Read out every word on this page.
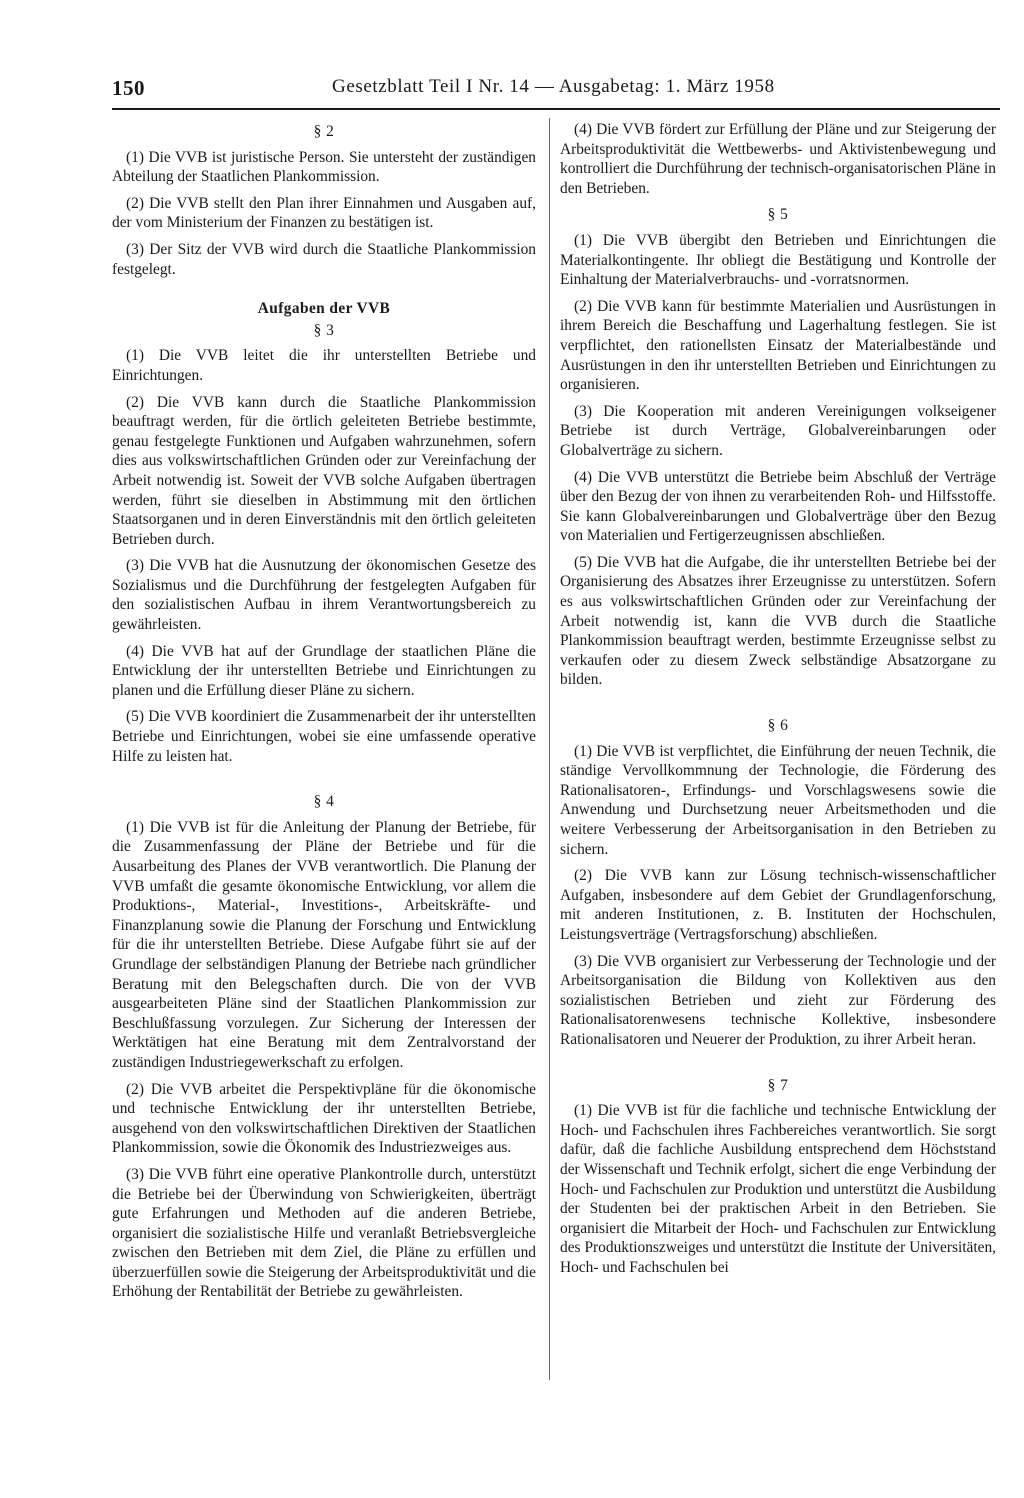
150	Gesetzblatt Teil I Nr. 14 — Ausgabetag: 1. März 1958
§ 2

(1) Die VVB ist juristische Person. Sie untersteht der zuständigen Abteilung der Staatlichen Plankommission.

(2) Die VVB stellt den Plan ihrer Einnahmen und Ausgaben auf, der vom Ministerium der Finanzen zu bestätigen ist.

(3) Der Sitz der VVB wird durch die Staatliche Plankommission festgelegt.

Aufgaben der VVB
§ 3

(1) Die VVB leitet die ihr unterstellten Betriebe und Einrichtungen.

(2) Die VVB kann durch die Staatliche Plankommission beauftragt werden, für die örtlich geleiteten Betriebe bestimmte, genau festgelegte Funktionen und Aufgaben wahrzunehmen, sofern dies aus volkswirtschaftlichen Gründen oder zur Vereinfachung der Arbeit notwendig ist. Soweit der VVB solche Aufgaben übertragen werden, führt sie dieselben in Abstimmung mit den örtlichen Staatsorganen und in deren Einverständnis mit den örtlich geleiteten Betrieben durch.

(3) Die VVB hat die Ausnutzung der ökonomischen Gesetze des Sozialismus und die Durchführung der festgelegten Aufgaben für den sozialistischen Aufbau in ihrem Verantwortungsbereich zu gewährleisten.

(4) Die VVB hat auf der Grundlage der staatlichen Pläne die Entwicklung der ihr unterstellten Betriebe und Einrichtungen zu planen und die Erfüllung dieser Pläne zu sichern.

(5) Die VVB koordiniert die Zusammenarbeit der ihr unterstellten Betriebe und Einrichtungen, wobei sie eine umfassende operative Hilfe zu leisten hat.

§ 4

(1) Die VVB ist für die Anleitung der Planung der Betriebe, für die Zusammenfassung der Pläne der Betriebe und für die Ausarbeitung des Planes der VVB verantwortlich. Die Planung der VVB umfaßt die gesamte ökonomische Entwicklung, vor allem die Produktions-, Material-, Investitions-, Arbeitskräfte- und Finanzplanung sowie die Planung der Forschung und Entwicklung für die ihr unterstellten Betriebe. Diese Aufgabe führt sie auf der Grundlage der selbständigen Planung der Betriebe nach gründlicher Beratung mit den Belegschaften durch. Die von der VVB ausgearbeiteten Pläne sind der Staatlichen Plankommission zur Beschlußfassung vorzulegen. Zur Sicherung der Interessen der Werktätigen hat eine Beratung mit dem Zentralvorstand der zuständigen Industriegewerkschaft zu erfolgen.

(2) Die VVB arbeitet die Perspektivpläne für die ökonomische und technische Entwicklung der ihr unterstellten Betriebe, ausgehend von den volkswirtschaftlichen Direktiven der Staatlichen Plankommission, sowie die Ökonomik des Industriezweiges aus.

(3) Die VVB führt eine operative Plankontrolle durch, unterstützt die Betriebe bei der Überwindung von Schwierigkeiten, überträgt gute Erfahrungen und Methoden auf die anderen Betriebe, organisiert die sozialistische Hilfe und veranlaßt Betriebsvergleiche zwischen den Betrieben mit dem Ziel, die Pläne zu erfüllen und überzuerfüllen sowie die Steigerung der Arbeitsproduktivität und die Erhöhung der Rentabilität der Betriebe zu gewährleisten.

(4) Die VVB fördert zur Erfüllung der Pläne und zur Steigerung der Arbeitsproduktivität die Wettbewerbs- und Aktivistenbewegung und kontrolliert die Durchführung der technisch-organisatorischen Pläne in den Betrieben.

§ 5

(1) Die VVB übergibt den Betrieben und Einrichtungen die Materialkontingente. Ihr obliegt die Bestätigung und Kontrolle der Einhaltung der Materialverbrauchs- und -vorratsnormen.

(2) Die VVB kann für bestimmte Materialien und Ausrüstungen in ihrem Bereich die Beschaffung und Lagerhaltung festlegen. Sie ist verpflichtet, den rationellsten Einsatz der Materialbestände und Ausrüstungen in den ihr unterstellten Betrieben und Einrichtungen zu organisieren.

(3) Die Kooperation mit anderen Vereinigungen volkseigener Betriebe ist durch Verträge, Globalvereinbarungen oder Globalverträge zu sichern.

(4) Die VVB unterstützt die Betriebe beim Abschluß der Verträge über den Bezug der von ihnen zu verarbeitenden Roh- und Hilfsstoffe. Sie kann Globalvereinbarungen und Globalverträge über den Bezug von Materialien und Fertigerzeugnissen abschließen.

(5) Die VVB hat die Aufgabe, die ihr unterstellten Betriebe bei der Organisierung des Absatzes ihrer Erzeugnisse zu unterstützen. Sofern es aus volkswirtschaftlichen Gründen oder zur Vereinfachung der Arbeit notwendig ist, kann die VVB durch die Staatliche Plankommission beauftragt werden, bestimmte Erzeugnisse selbst zu verkaufen oder zu diesem Zweck selbständige Absatzorgane zu bilden.

§ 6

(1) Die VVB ist verpflichtet, die Einführung der neuen Technik, die ständige Vervollkommnung der Technologie, die Förderung des Rationalisatoren-, Erfindungs- und Vorschlagswesens sowie die Anwendung und Durchsetzung neuer Arbeitsmethoden und die weitere Verbesserung der Arbeitsorganisation in den Betrieben zu sichern.

(2) Die VVB kann zur Lösung technisch-wissenschaftlicher Aufgaben, insbesondere auf dem Gebiet der Grundlagenforschung, mit anderen Institutionen, z. B. Instituten der Hochschulen, Leistungsverträge (Vertragsforschung) abschließen.

(3) Die VVB organisiert zur Verbesserung der Technologie und der Arbeitsorganisation die Bildung von Kollektiven aus den sozialistischen Betrieben und zieht zur Förderung des Rationalisatorenwesens technische Kollektive, insbesondere Rationalisatoren und Neuerer der Produktion, zu ihrer Arbeit heran.

§ 7

(1) Die VVB ist für die fachliche und technische Entwicklung der Hoch- und Fachschulen ihres Fachbereiches verantwortlich. Sie sorgt dafür, daß die fachliche Ausbildung entsprechend dem Höchststand der Wissenschaft und Technik erfolgt, sichert die enge Verbindung der Hoch- und Fachschulen zur Produktion und unterstützt die Ausbildung der Studenten bei der praktischen Arbeit in den Betrieben. Sie organisiert die Mitarbeit der Hoch- und Fachschulen zur Entwicklung des Produktionszweiges und unterstützt die Institute der Universitäten, Hoch- und Fachschulen bei
